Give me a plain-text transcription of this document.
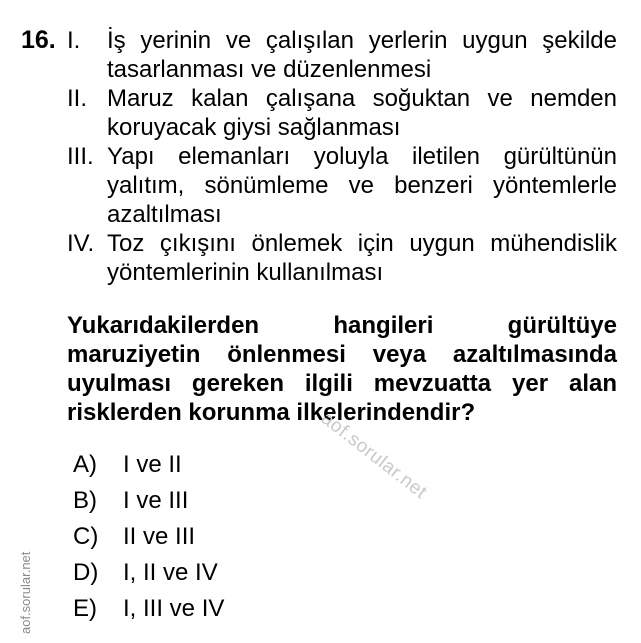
16. I.	İş yerinin ve çalışılan yerlerin uygun şekilde tasarlanması ve düzenlenmesi
II. Maruz kalan çalışana soğuktan ve nemden koruyacak giysi sağlanması
III. Yapı elemanları yoluyla iletilen gürültünün yalıtım, sönümleme ve benzeri yöntemlerle azaltılması
IV. Toz çıkışını önlemek için uygun mühendislik yöntemlerinin kullanılması

Yukarıdakilerden hangileri gürültüye maruziyetin önlenmesi veya azaltılmasında uyulması gereken ilgili mevzuatta yer alan risklerden korunma ilkelerindendir?

A)	I ve II
B)	I ve III
C)	II ve III
D)	I, II ve IV
E)	I, III ve IV
aof.sorular.net
aof.sorular.net
